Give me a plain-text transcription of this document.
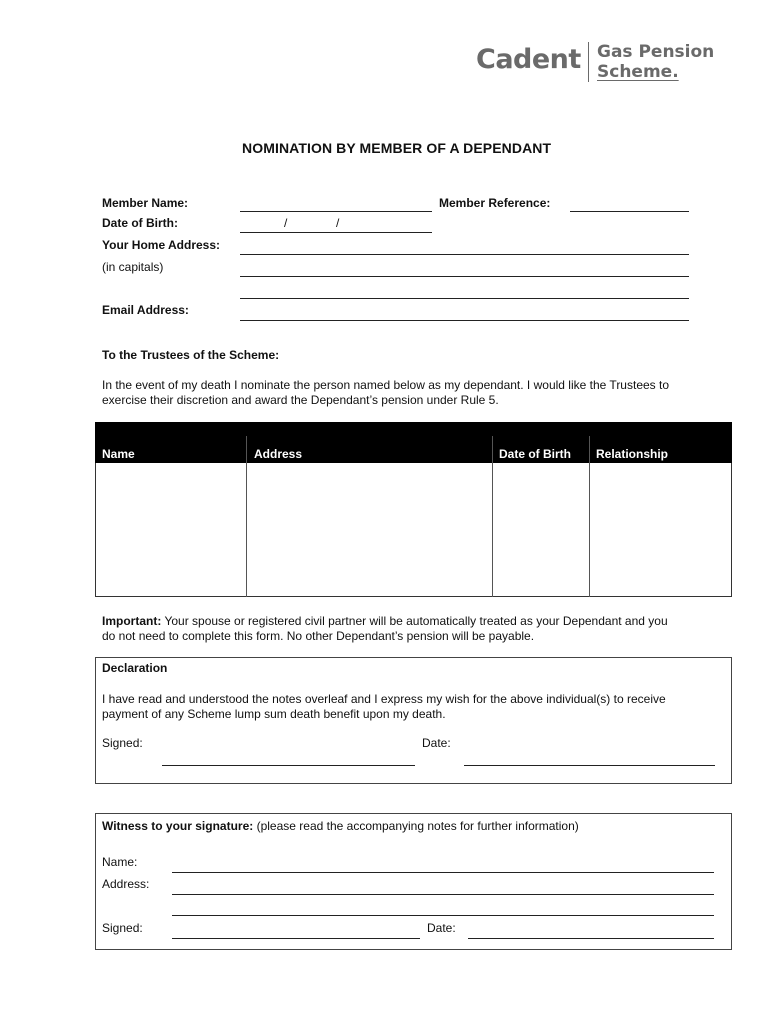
Cadent Gas Pension
Scheme.
NOMINATION BY MEMBER OF A DEPENDANT
Member Name:	Member Reference:
Date of Birth:	/	/
Your Home Address:
(in capitals)
Email Address:
To the Trustees of the Scheme:

In the event of my death I nominate the person named below as my dependant. I would like the Trustees to

exercise their discretion and award the Dependant’s pension under Rule 5.

Name	Address	Date of Birth Relationship

Important: Your spouse or registered civil partner will be automatically treated as your Dependant and you

do not need to complete this form. No other Dependant’s pension will be payable.

Declaration

I have read and understood the notes overleaf and I express my wish for the above individual(s) to receive

payment of any Scheme lump sum death benefit upon my death.

Signed:	Date:
Witness to your signature: (please read the accompanying notes for further information)
Name:
Address:
Signed:	Date:
